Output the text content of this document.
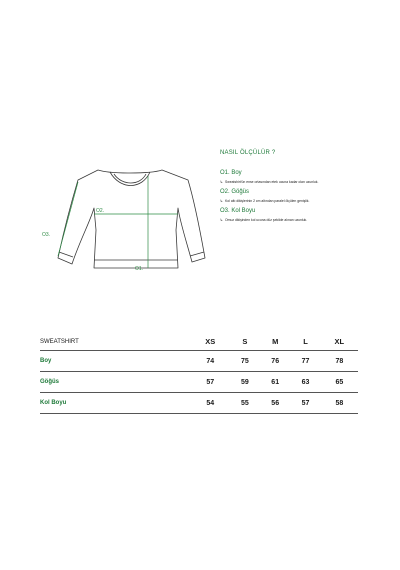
O1.
O2.
O3.
NASIL ÖLÇÜLÜR ?
O1. Boy
↳ Sweatshirt'ün ense ortasından etek ucuna kadar olan uzunluk.
O2. Göğüs
↳ Kol altı dikişlerinin 2 cm altından paralel ölçülen genişlik.
O3. Kol Boyu
↳ Omuz dikişinden kol ucuna düz şekilde alınan uzunluk.
SWEATSHIRT	XS	S	M	L	XL
Boy	74	75	76	77	78
Göğüs	57	59	61	63	65
Kol Boyu	54	55	56	57	58
